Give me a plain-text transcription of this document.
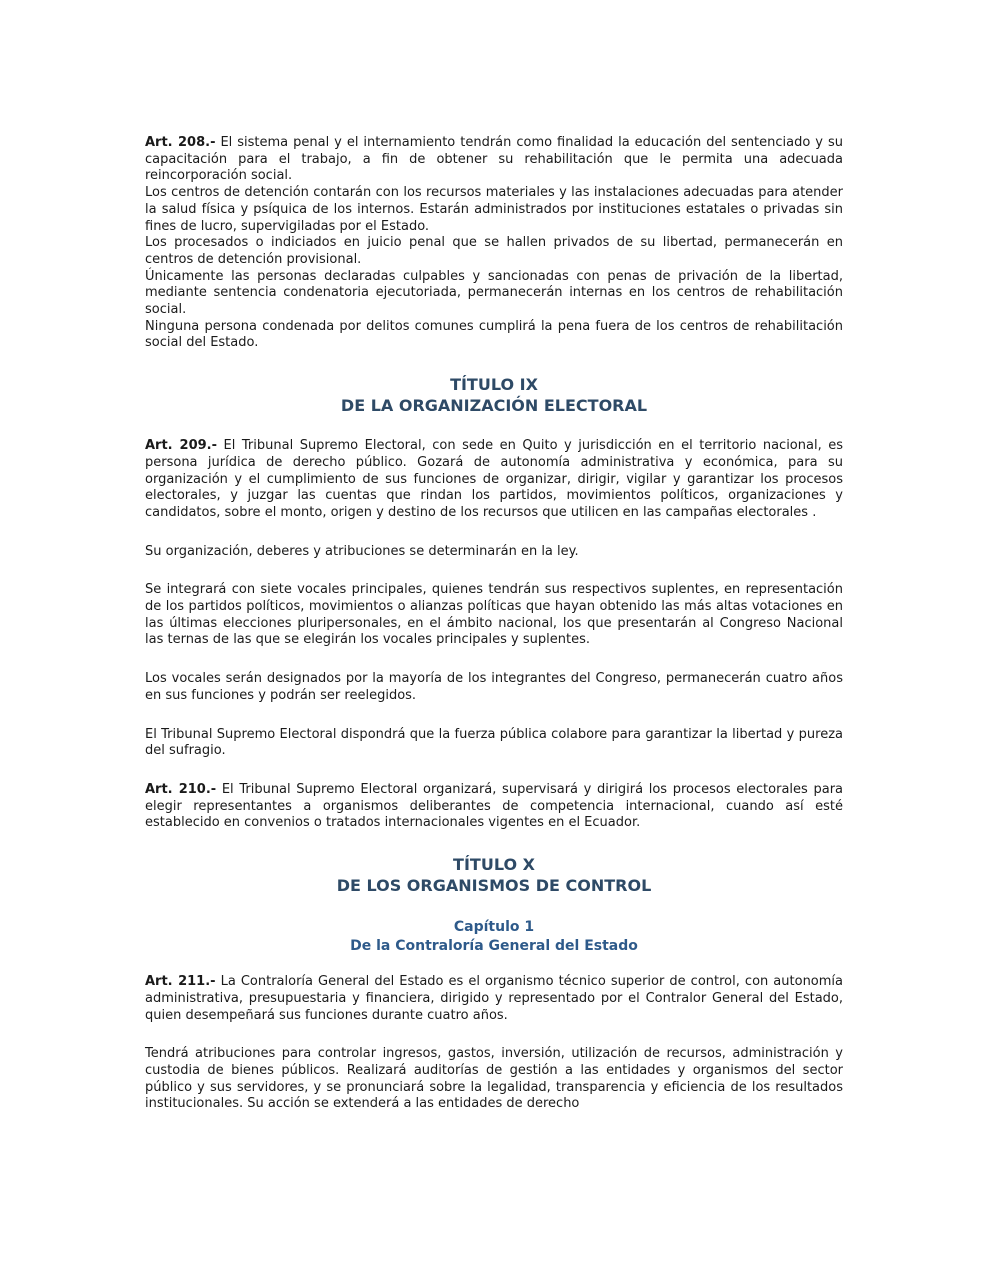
Art. 208.- El sistema penal y el internamiento tendrán como finalidad la educación del sentenciado y su capacitación para el trabajo, a fin de obtener su rehabilitación que le permita una adecuada reincorporación social.

Los centros de detención contarán con los recursos materiales y las instalaciones adecuadas para atender la salud física y psíquica de los internos. Estarán administrados por instituciones estatales o privadas sin fines de lucro, supervigiladas por el Estado.

Los procesados o indiciados en juicio penal que se hallen privados de su libertad, permanecerán en centros de detención provisional.

Únicamente las personas declaradas culpables y sancionadas con penas de privación de la libertad, mediante sentencia condenatoria ejecutoriada, permanecerán internas en los centros de rehabilitación social.

Ninguna persona condenada por delitos comunes cumplirá la pena fuera de los centros de rehabilitación social del Estado.

TÍTULO IX
DE LA ORGANIZACIÓN ELECTORAL

Art. 209.- El Tribunal Supremo Electoral, con sede en Quito y jurisdicción en el territorio nacional, es persona jurídica de derecho público. Gozará de autonomía administrativa y económica, para su organización y el cumplimiento de sus funciones de organizar, dirigir, vigilar y garantizar los procesos electorales, y juzgar las cuentas que rindan los partidos, movimientos políticos, organizaciones y candidatos, sobre el monto, origen y destino de los recursos que utilicen en las campañas electorales .

Su organización, deberes y atribuciones se determinarán en la ley.

Se integrará con siete vocales principales, quienes tendrán sus respectivos suplentes, en representación de los partidos políticos, movimientos o alianzas políticas que hayan obtenido las más altas votaciones en las últimas elecciones pluripersonales, en el ámbito nacional, los que presentarán al Congreso Nacional las ternas de las que se elegirán los vocales principales y suplentes.

Los vocales serán designados por la mayoría de los integrantes del Congreso, permanecerán cuatro años en sus funciones y podrán ser reelegidos.

El Tribunal Supremo Electoral dispondrá que la fuerza pública colabore para garantizar la libertad y pureza del sufragio.

Art. 210.- El Tribunal Supremo Electoral organizará, supervisará y dirigirá los procesos electorales para elegir representantes a organismos deliberantes de competencia internacional, cuando así esté establecido en convenios o tratados internacionales vigentes en el Ecuador.

TÍTULO X
DE LOS ORGANISMOS DE CONTROL
Capítulo 1
De la Contraloría General del Estado

Art. 211.- La Contraloría General del Estado es el organismo técnico superior de control, con autonomía administrativa, presupuestaria y financiera, dirigido y representado por el Contralor General del Estado, quien desempeñará sus funciones durante cuatro años.

Tendrá atribuciones para controlar ingresos, gastos, inversión, utilización de recursos, administración y custodia de bienes públicos. Realizará auditorías de gestión a las entidades y organismos del sector público y sus servidores, y se pronunciará sobre la legalidad, transparencia y eficiencia de los resultados institucionales. Su acción se extenderá a las entidades de derecho
